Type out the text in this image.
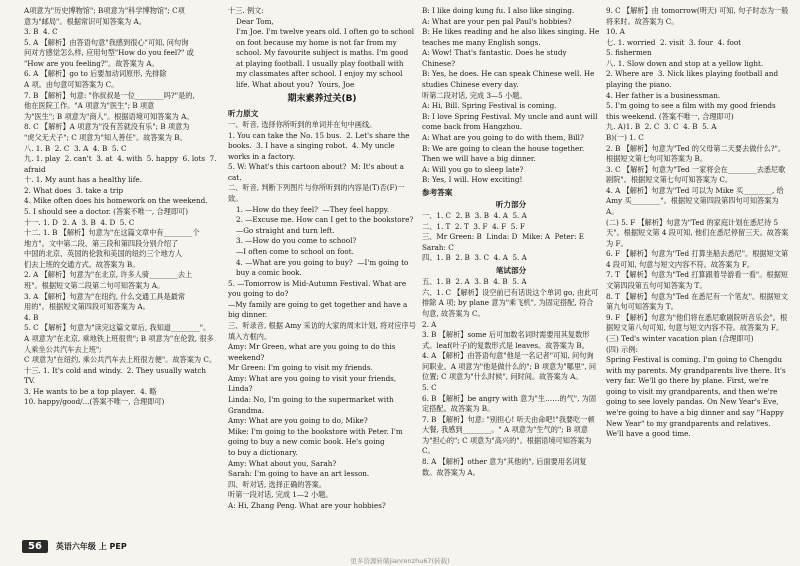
A项意为"历史博物馆"; B项意为"科学博物馆"; C项

意为"邮局"。根据常识可知答案为 A。

3. B  4. C

5. A 【解析】由答语句意"我感到很心"可知, 问句询

问对方感觉怎么样, 应用句型"How do you feel?" 或

"How are you feeling?"。故答案为 A。

6. A 【解析】go to 后要加动词原形, 先排除

A 项。由句意可知答案为 C。

7. B 【解析】句意: "你叔叔是一位________吗?"是的,

他在医院工作。"A 项意为"医生"; B 项意

为"医生"; B 项意为"商人"。根据语境可知答案为 A。

8. C 【解析】A 项意为"没有苦就没有乐"; B 项意为

"虎父无犬子"; C 项意为"知人善任"。故答案为 B。

八. 1. B  2. C  3. A  4. B  5. C

九. 1. play  2. can't  3. at  4. with  5. happy  6. lots  7. afraid

十. 1. My aunt has a healthy life.

2. What does  3. take a trip

4. Mike often does his homework on the weekend.

5. I should see a doctor. (答案不唯一, 合理即可)

十一. 1. D  2. A  3. B  4. D  5. C

十二. 1. B 【解析】句意为"在这篇文章中有________个

地方"。文中第二段、第三段和第四段分别介绍了

中国的北京、英国的伦敦和美国的纽约三个地方人

们去上班的交通方式。故答案为 B。

2. A 【解析】句意为"在北京, 许多人骑________去上

班"。根据短文第二段第二句可知答案为 A。

3. A 【解析】句意为"在纽约, 什么交通工具是最常

用的"。根据短文第四段可知答案为 A。

4. B

5. C 【解析】句意为"读完这篇文章后, 我知道________"。

A 项意为"在北京, 乘地铁上班很贵"; B 项意为"在伦敦, 很多人乘坐公共汽车去上班";

C 项意为"在纽约, 乘公共汽车去上班很方便"。故答案为 C。

十三. 1. It's cold and windy.  2. They usually watch TV.

3. He wants to be a top player.  4. 略

10. happy/good/...(答案不唯一, 合理即可)

十三. 例文:

Dear Tom,

I'm Joe. I'm twelve years old. I often go to school on foot because my home is not far from my school. My favourite subject is maths. I'm good at playing football. I usually play football with my classmates after school. I enjoy my school life. What about you?  Yours, Joe

期末素养过关(B)

听力原文

一、听音, 选择你所听到的单词并在句中画线。

1. You can take the No. 15 bus.  2. Let's share the books.  3. I have a singing robot.  4. My uncle works in a factory.

5. W: What's this cartoon about?  M: It's about a cat.

二、听音, 判断下列图片与你所听到的内容是(T)否(F)一致。

1. —How do they feel?  —They feel happy.

2. —Excuse me. How can I get to the bookstore?

—Go straight and turn left.

3. —How do you come to school?

—I often come to school on foot.

4. —What are you going to buy?  —I'm going to buy a comic book.

5. —Tomorrow is Mid-Autumn Festival. What are you going to do?

—My family are going to get together and have a big dinner.

三、听录音, 根据 Amy 采访的大家的周末计划, 将对应序号填入方框内。

Amy: Mr Green, what are you going to do this weekend?

Mr Green: I'm going to visit my friends.

Amy: What are you going to visit your friends, Linda?

Linda: No, I'm going to the supermarket with Grandma.

Amy: What are you going to do, Mike?

Mike: I'm going to the bookstore with Peter. I'm going to buy a new comic book. He's going

to buy a dictionary.

Amy: What about you, Sarah?

Sarah: I'm going to have an art lesson.

四、听对话, 选择正确的答案。

听第一段对话, 完成 1—2 小题。

A: Hi, Zhang Peng. What are your hobbies?

B: I like doing kung fu. I also like singing.

A: What are your pen pal Paul's hobbies?

B: He likes reading and he also likes singing. He teaches me many English songs.

A: Wow! That's fantastic. Does he study Chinese?

B: Yes, he does. He can speak Chinese well. He studies Chinese every day.

听第二段对话, 完成 3—5 小题。

A: Hi, Bill. Spring Festival is coming.

B: I love Spring Festival. My uncle and aunt will come back from Hangzhou.

A: What are you going to do with them, Bill?

B: We are going to clean the house together. Then we will have a big dinner.

A: Will you go to sleep late?

B: Yes, I will. How exciting!

参考答案

听力部分

一、1. C  2. B  3. B  4. A  5. A

二、1. T  2. T  3. F  4. F  5. F

三、Mr Green: B  Linda: D  Mike: A  Peter: E  Sarah: C

四、1. B  2. B  3. C  4. A  5. A

笔试部分

五、1. B  2. A  3. B  4. B  5. A

六、1. C 【解析】设空前已有话说这个单词 go, 由此可排除 A 项; by plane 意为"乘飞机", 为固定搭配, 符合句意, 故答案为 C。

2. A

3. B 【解析】some 后可加数名词时需要用其复数形式。leaf(叶子)的复数形式是 leaves。故答案为 B。

4. A 【解析】由答语句意"他是一名记者"可知, 问句询问职业。A 项意为"他是做什么的"; B 项意为"哪里", 问位置; C 项意为"什么时候", 问时间。故答案为 A。

5. C

6. B 【解析】be angry with 意为"生……的气", 为固定搭配。故答案为 B。

7. B 【解析】句意: "别担心! 听天由命吧!"我要吃一顿大餐, 我感到________。" A 项意为"生气的"; B 项意为"担心的"; C 项意为"高兴的"。根据语境可知答案为 C。

8. A 【解析】other 意为"其他的", 后面要用名词复数。故答案为 A。

9. C 【解析】由 tomorrow(明天) 可知, 句子时态为一般将来时。故答案为 C。

10. A

七. 1. worried  2. visit  3. four  4. foot

5. fishermen

八. 1. Slow down and stop at a yellow light.

2. Where are  3. Nick likes playing football and playing the piano.

4. Her father is a businessman.

5. I'm going to see a film with my good friends this weekend. (答案不唯一, 合理即可)

九. A)1. B  2. C  3. C  4. B  5. A

B)(一) 1. C

2. B 【解析】句意为"Ted 的父母第二天要去做什么?"。根据短文第七句可知答案为 B。

3. C 【解析】句意为"Ted 一家将会在________去悉尼歌剧院"。根据短文第七句可知答案为 C。

4. A 【解析】句意为"Ted 可以为 Mike 买________, 给 Amy 买________"。根据短文第四段第四句可知答案为 A。

(二) 5. F 【解析】句意为"Ted 的家庭计划在悉尼待 5 天"。根据短文第 4 段可知, 他们在悉尼停留三天。故答案为 F。

6. F 【解析】句意为"Ted 打算坐船去悉尼"。根据短文第 4 段可知, 句意与短文内容不符。故答案为 F。

7. T 【解析】句意为"Ted 打算跟着导游看一看"。根据短文第四段第五句可知答案为 T。

8. T 【解析】句意为"Ted 在悉尼有一个笔友"。根据短文第九句可知答案为 T。

9. F 【解析】句意为"他们将在悉尼歌剧院听音乐会"。根据短文第八句可知, 句意与短文内容不符。故答案为 F。

(三) Ted's winter vacation plan (合理即可)

(四) 示例:

Spring Festival is coming. I'm going to Chengdu with my parents. My grandparents live there. It's very far. We'll go there by plane. First, we're going to visit my grandparents, and then we're going to see lovely pandas. On New Year's Eve, we're going to have a big dinner and say "Happy New Year" to my grandparents and relatives. We'll have a good time.

56	英语六年级 上 PEP
更多资源转储jianrenzhu67(转载)
